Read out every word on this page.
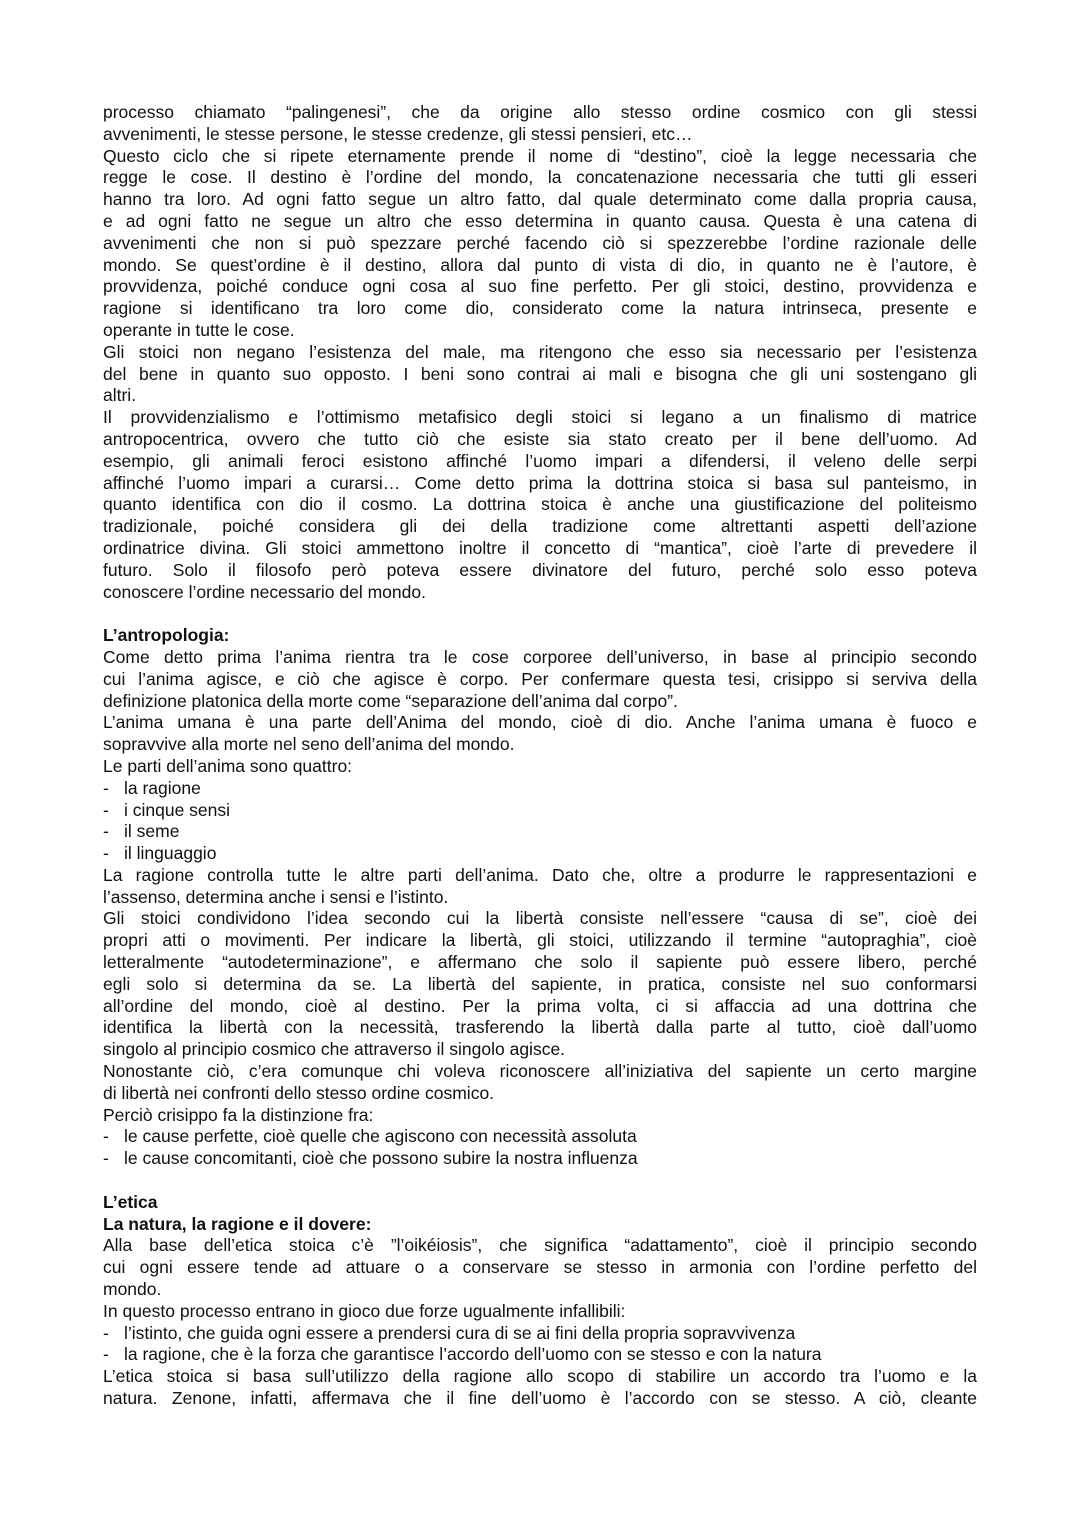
processo chiamato “palingenesi”, che da origine allo stesso ordine cosmico con gli stessi
avvenimenti, le stesse persone, le stesse credenze, gli stessi pensieri, etc…
Questo ciclo che si ripete eternamente prende il nome di “destino”, cioè la legge necessaria che
regge le cose. Il destino è l’ordine del mondo, la concatenazione necessaria che tutti gli esseri
hanno tra loro. Ad ogni fatto segue un altro fatto, dal quale determinato come dalla propria causa,
e ad ogni fatto ne segue un altro che esso determina in quanto causa. Questa è una catena di
avvenimenti che non si può spezzare perché facendo ciò si spezzerebbe l’ordine razionale delle
mondo. Se quest’ordine è il destino, allora dal punto di vista di dio, in quanto ne è l’autore, è
provvidenza, poiché conduce ogni cosa al suo fine perfetto. Per gli stoici, destino, provvidenza e
ragione si identificano tra loro come dio, considerato come la natura intrinseca, presente e
operante in tutte le cose.
Gli stoici non negano l’esistenza del male, ma ritengono che esso sia necessario per l’esistenza
del bene in quanto suo opposto. I beni sono contrai ai mali e bisogna che gli uni sostengano gli
altri.
Il provvidenzialismo e l’ottimismo metafisico degli stoici si legano a un finalismo di matrice
antropocentrica, ovvero che tutto ciò che esiste sia stato creato per il bene dell’uomo. Ad
esempio, gli animali feroci esistono affinché l’uomo impari a difendersi, il veleno delle serpi
affinché l’uomo impari a curarsi… Come detto prima la dottrina stoica si basa sul panteismo, in
quanto identifica con dio il cosmo. La dottrina stoica è anche una giustificazione del politeismo
tradizionale, poiché considera gli dei della tradizione come altrettanti aspetti dell’azione
ordinatrice divina. Gli stoici ammettono inoltre il concetto di “mantica”, cioè l’arte di prevedere il
futuro. Solo il filosofo però poteva essere divinatore del futuro, perché solo esso poteva
conoscere l’ordine necessario del mondo.
L’antropologia:
Come detto prima l’anima rientra tra le cose corporee dell’universo, in base al principio secondo
cui l’anima agisce, e ciò che agisce è corpo. Per confermare questa tesi, crisippo si serviva della
definizione platonica della morte come “separazione dell’anima dal corpo”.
L’anima umana è una parte dell’Anima del mondo, cioè di dio. Anche l’anima umana è fuoco e
sopravvive alla morte nel seno dell’anima del mondo.
Le parti dell’anima sono quattro:
- la ragione
- i cinque sensi
- il seme
- il linguaggio
La ragione controlla tutte le altre parti dell’anima. Dato che, oltre a produrre le rappresentazioni e
l’assenso, determina anche i sensi e l’istinto.
Gli stoici condividono l’idea secondo cui la libertà consiste nell’essere “causa di se”, cioè dei
propri atti o movimenti. Per indicare la libertà, gli stoici, utilizzando il termine “autopraghia”, cioè
letteralmente “autodeterminazione”, e affermano che solo il sapiente può essere libero, perché
egli solo si determina da se. La libertà del sapiente, in pratica, consiste nel suo conformarsi
all’ordine del mondo, cioè al destino. Per la prima volta, ci si affaccia ad una dottrina che
identifica la libertà con la necessità, trasferendo la libertà dalla parte al tutto, cioè dall’uomo
singolo al principio cosmico che attraverso il singolo agisce.
Nonostante ciò, c’era comunque chi voleva riconoscere all’iniziativa del sapiente un certo margine
di libertà nei confronti dello stesso ordine cosmico.
Perciò crisippo fa la distinzione fra:
- le cause perfette, cioè quelle che agiscono con necessità assoluta
- le cause concomitanti, cioè che possono subire la nostra influenza
L’etica
La natura, la ragione e il dovere:
Alla base dell’etica stoica c’è ”l’oikéiosis”, che significa “adattamento”, cioè il principio secondo
cui ogni essere tende ad attuare o a conservare se stesso in armonia con l’ordine perfetto del
mondo.
In questo processo entrano in gioco due forze ugualmente infallibili:
- l’istinto, che guida ogni essere a prendersi cura di se ai fini della propria sopravvivenza
- la ragione, che è la forza che garantisce l’accordo dell’uomo con se stesso e con la natura
L’etica stoica si basa sull’utilizzo della ragione allo scopo di stabilire un accordo tra l’uomo e la
natura. Zenone, infatti, affermava che il fine dell’uomo è l’accordo con se stesso. A ciò, cleante
